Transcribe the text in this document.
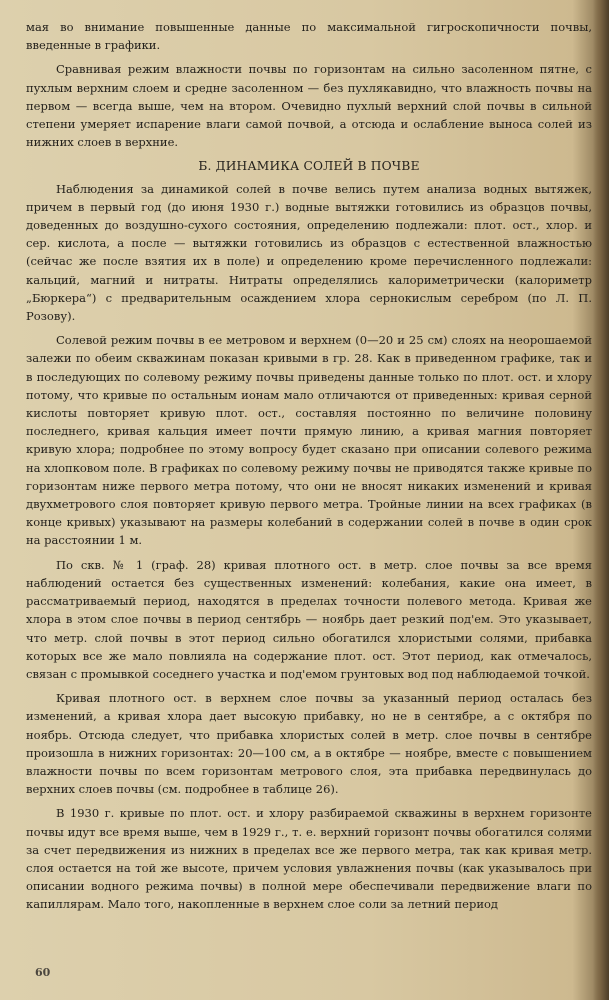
мая во внимание повышенные данные по максимальной гигроскопичности почвы, введенные в графики.

Сравнивая режим влажности почвы по горизонтам на сильно засоленном пятне, с пухлым верхним слоем и средне засоленном — без пухлякавидно, что влажность почвы на первом — всегда выше, чем на втором. Очевидно пухлый верхний слой почвы в сильной степени умеряет испарение влаги самой почвой, а отсюда и ослабление выноса солей из нижних слоев в верхние.

Б. ДИНАМИКА СОЛЕЙ В ПОЧВЕ

Наблюдения за динамикой солей в почве велись путем анализа водных вытяжек, причем в первый год (до июня 1930 г.) водные вытяжки готовились из образцов почвы, доведенных до воздушно-сухого состояния, определению подлежали: плот. ост., хлор. и сер. кислота, а после — вытяжки готовились из образцов с естественной влажностью (сейчас же после взятия их в поле) и определению кроме перечисленного подлежали: кальций, магний и нитраты. Нитраты определялись калориметрически (калориметр „Бюркера“) с предварительным осаждением хлора сернокислым серебром (по Л. П. Розову).

Солевой режим почвы в ее метровом и верхнем (0—20 и 25 см) слоях на неорошаемой залежи по обеим скважинам показан кривыми в гр. 28. Как в приведенном графике, так и в последующих по солевому режиму почвы приведены данные только по плот. ост. и хлору потому, что кривые по остальным ионам мало отличаются от приведенных: кривая серной кислоты повторяет кривую плот. ост., составляя постоянно по величине половину последнего, кривая кальция имеет почти прямую линию, а кривая магния повторяет кривую хлора; подробнее по этому вопросу будет сказано при описании солевого режима на хлопковом поле. В графиках по солевому режиму почвы не приводятся также кривые по горизонтам ниже первого метра потому, что они не вносят никаких изменений и кривая двухметрового слоя повторяет кривую первого метра. Тройные линии на всех графиках (в конце кривых) указывают на размеры колебаний в содержании солей в почве в один срок на расстоянии 1 м.

По скв. № 1 (граф. 28) кривая плотного ост. в метр. слое почвы за все время наблюдений остается без существенных изменений: колебания, какие она имеет, в рассматриваемый период, находятся в пределах точности полевого метода. Кривая же хлора в этом слое почвы в период сентябрь — ноябрь дает резкий под'ем. Это указывает, что метр. слой почвы в этот период сильно обогатился хлористыми солями, прибавка которых все же мало повлияла на содержание плот. ост. Этот период, как отмечалось, связан с промывкой соседнего участка и под'емом грунтовых вод под наблюдаемой точкой.

Кривая плотного ост. в верхнем слое почвы за указанный период осталась без изменений, а кривая хлора дает высокую прибавку, но не в сентябре, а с октября по ноябрь. Отсюда следует, что прибавка хлористых солей в метр. слое почвы в сентябре произошла в нижних горизонтах: 20—100 см, а в октябре — ноябре, вместе с повышением влажности почвы по всем горизонтам метрового слоя, эта прибавка передвинулась до верхних слоев почвы (см. подробнее в таблице 26).

В 1930 г. кривые по плот. ост. и хлору разбираемой скважины в верхнем горизонте почвы идут все время выше, чем в 1929 г., т. е. верхний горизонт почвы обогатился солями за счет передвижения из нижних в пределах все же первого метра, так как кривая метр. слоя остается на той же высоте, причем условия увлажнения почвы (как указывалось при описании водного режима почвы) в полной мере обеспечивали передвижение влаги по капиллярам. Мало того, накопленные в верхнем слое соли за летний период

60
